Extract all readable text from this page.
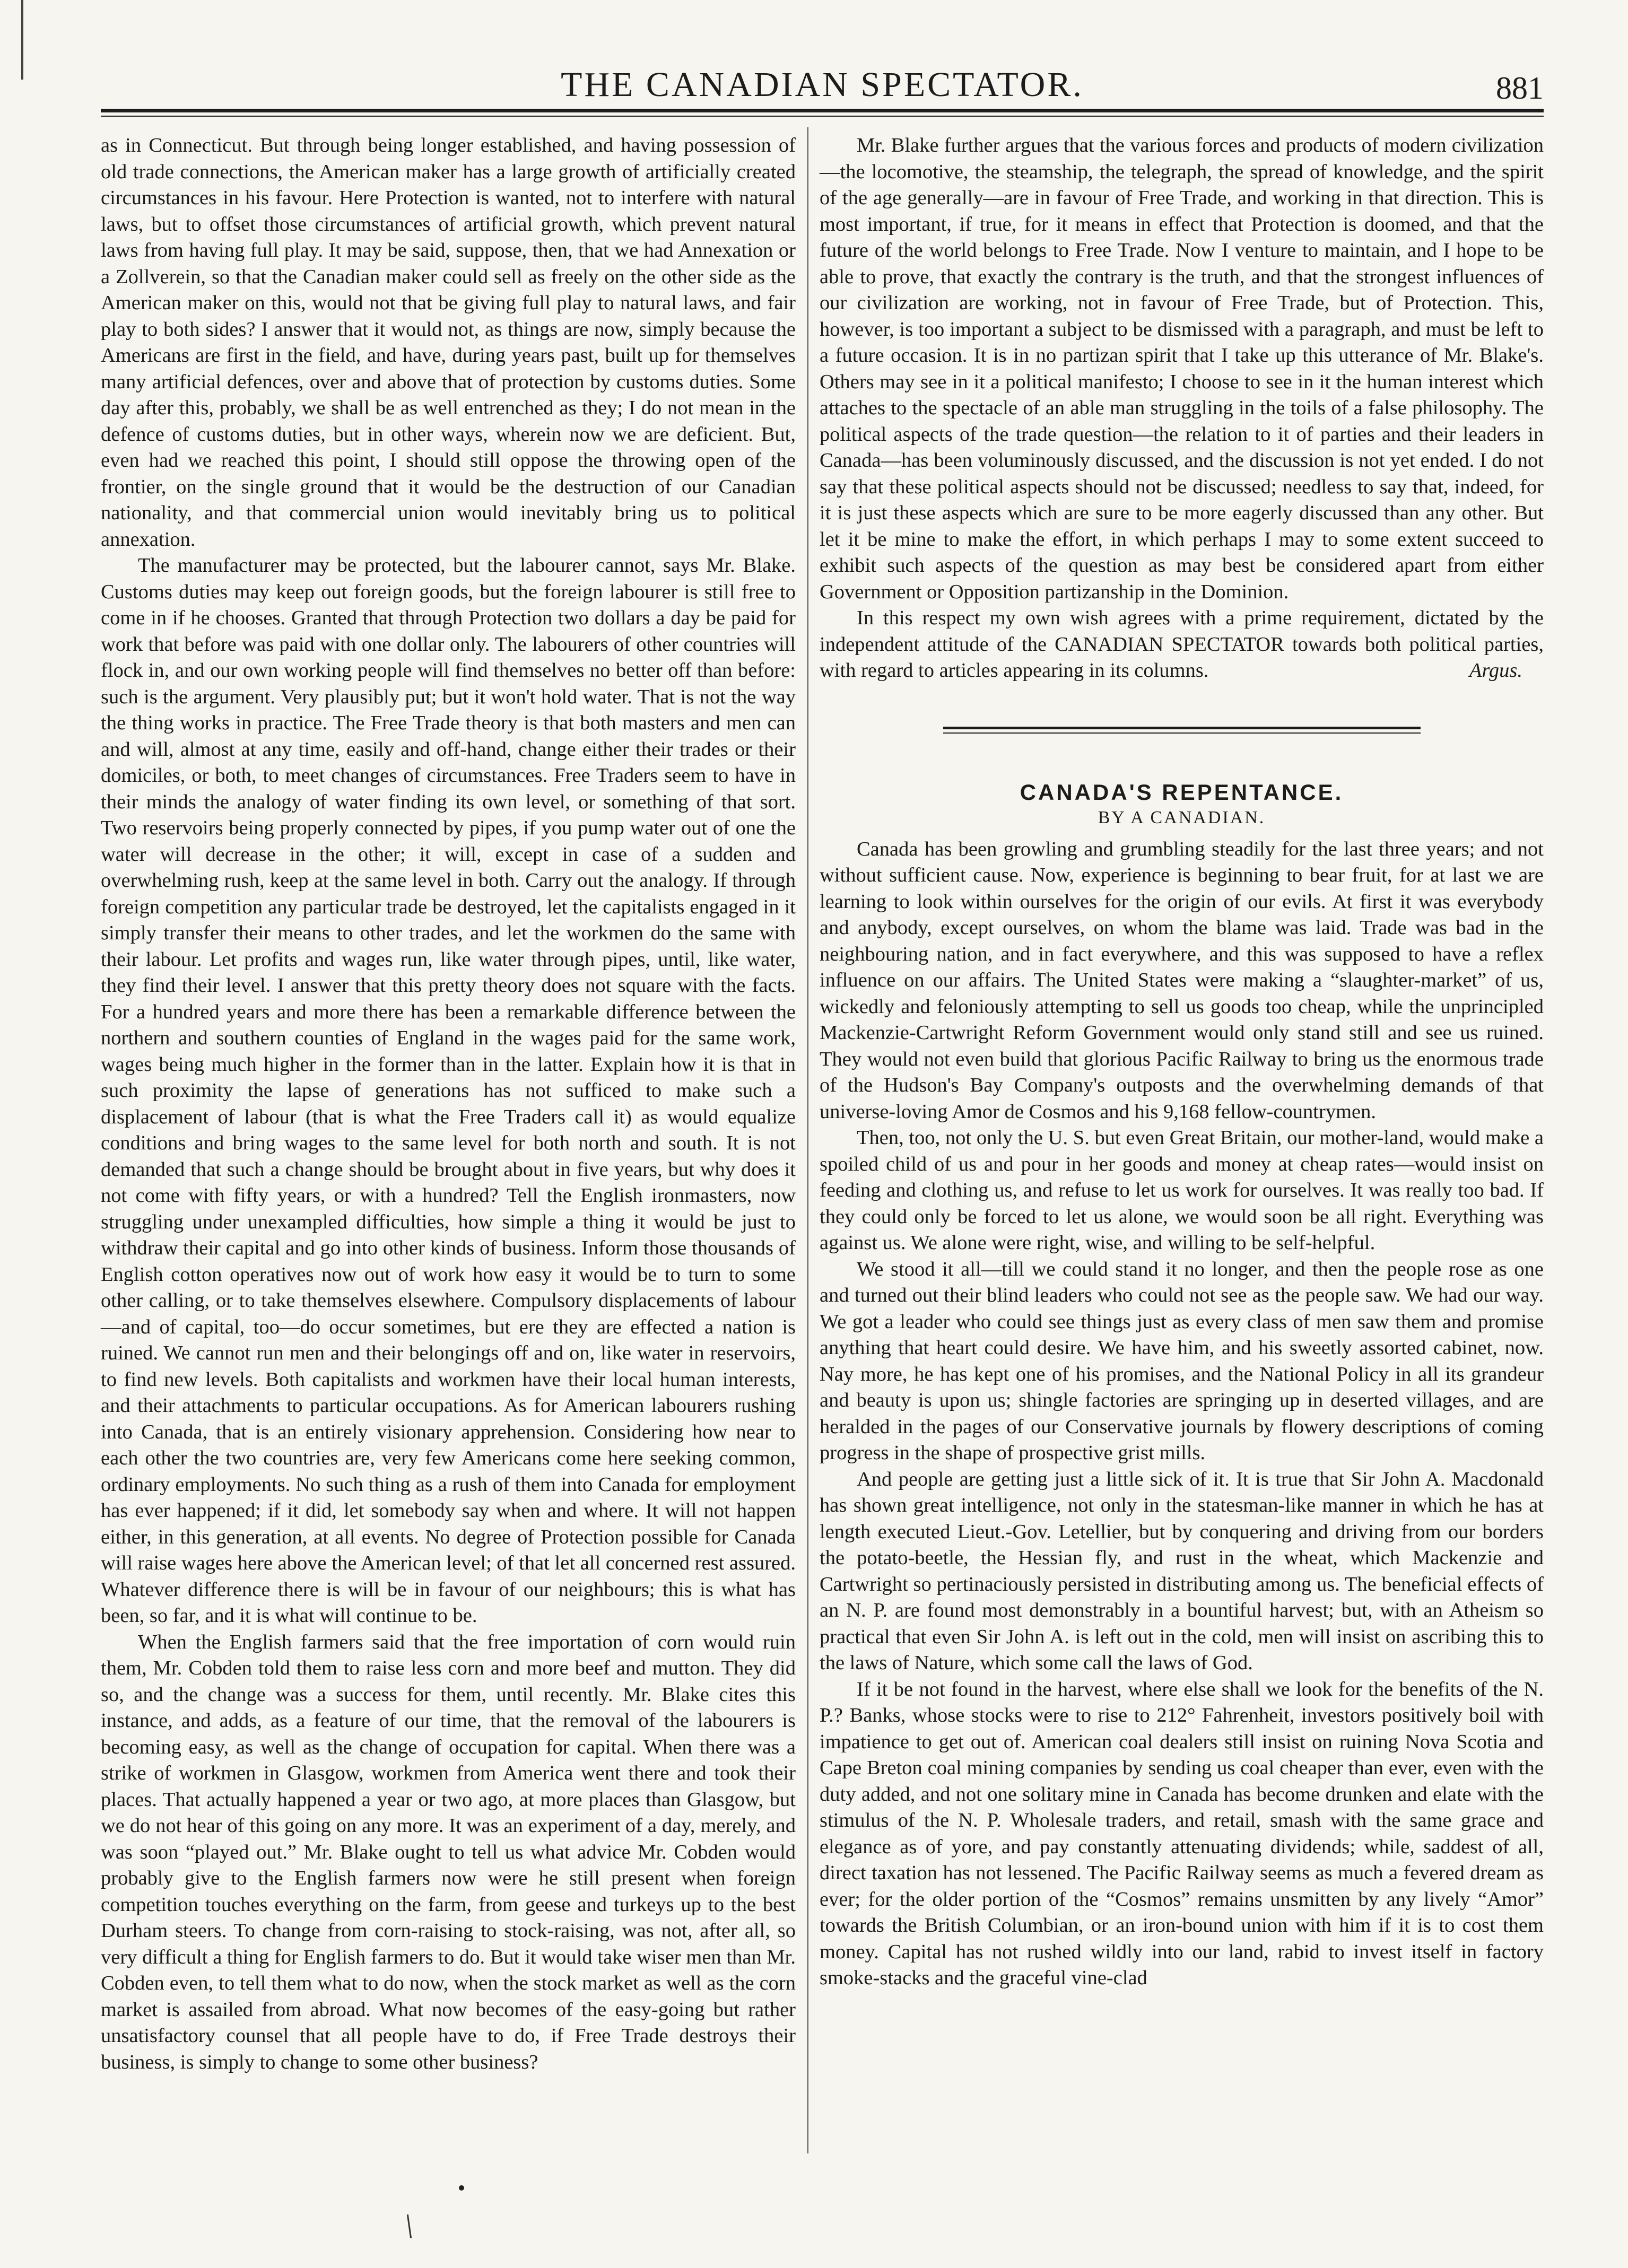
THE CANADIAN SPECTATOR.	881

as in Connecticut. But through being longer established, and having possession of old trade connections, the American maker has a large growth of artificially created circumstances in his favour. Here Protection is wanted, not to interfere with natural laws, but to offset those circumstances of artificial growth, which prevent natural laws from having full play. It may be said, suppose, then, that we had Annexation or a Zollverein, so that the Canadian maker could sell as freely on the other side as the American maker on this, would not that be giving full play to natural laws, and fair play to both sides? I answer that it would not, as things are now, simply because the Americans are first in the field, and have, during years past, built up for themselves many artificial defences, over and above that of protection by customs duties. Some day after this, probably, we shall be as well entrenched as they; I do not mean in the defence of customs duties, but in other ways, wherein now we are deficient. But, even had we reached this point, I should still oppose the throwing open of the frontier, on the single ground that it would be the destruction of our Canadian nationality, and that commercial union would inevitably bring us to political annexation.

The manufacturer may be protected, but the labourer cannot, says Mr. Blake. Customs duties may keep out foreign goods, but the foreign labourer is still free to come in if he chooses. Granted that through Protection two dollars a day be paid for work that before was paid with one dollar only. The labourers of other countries will flock in, and our own working people will find themselves no better off than before: such is the argument. Very plausibly put; but it won't hold water. That is not the way the thing works in practice. The Free Trade theory is that both masters and men can and will, almost at any time, easily and off-hand, change either their trades or their domiciles, or both, to meet changes of circumstances. Free Traders seem to have in their minds the analogy of water finding its own level, or something of that sort. Two reservoirs being properly connected by pipes, if you pump water out of one the water will decrease in the other; it will, except in case of a sudden and overwhelming rush, keep at the same level in both. Carry out the analogy. If through foreign competition any particular trade be destroyed, let the capitalists engaged in it simply transfer their means to other trades, and let the workmen do the same with their labour. Let profits and wages run, like water through pipes, until, like water, they find their level. I answer that this pretty theory does not square with the facts. For a hundred years and more there has been a remarkable difference between the northern and southern counties of England in the wages paid for the same work, wages being much higher in the former than in the latter. Explain how it is that in such proximity the lapse of generations has not sufficed to make such a displacement of labour (that is what the Free Traders call it) as would equalize conditions and bring wages to the same level for both north and south. It is not demanded that such a change should be brought about in five years, but why does it not come with fifty years, or with a hundred? Tell the English ironmasters, now struggling under unexampled difficulties, how simple a thing it would be just to withdraw their capital and go into other kinds of business. Inform those thousands of English cotton operatives now out of work how easy it would be to turn to some other calling, or to take themselves elsewhere. Compulsory displacements of labour—and of capital, too—do occur sometimes, but ere they are effected a nation is ruined. We cannot run men and their belongings off and on, like water in reservoirs, to find new levels. Both capitalists and workmen have their local human interests, and their attachments to particular occupations. As for American labourers rushing into Canada, that is an entirely visionary apprehension. Considering how near to each other the two countries are, very few Americans come here seeking common, ordinary employments. No such thing as a rush of them into Canada for employment has ever happened; if it did, let somebody say when and where. It will not happen either, in this generation, at all events. No degree of Protection possible for Canada will raise wages here above the American level; of that let all concerned rest assured. Whatever difference there is will be in favour of our neighbours; this is what has been, so far, and it is what will continue to be.

When the English farmers said that the free importation of corn would ruin them, Mr. Cobden told them to raise less corn and more beef and mutton. They did so, and the change was a success for them, until recently. Mr. Blake cites this instance, and adds, as a feature of our time, that the removal of the labourers is becoming easy, as well as the change of occupation for capital. When there was a strike of workmen in Glasgow, workmen from America went there and took their places. That actually happened a year or two ago, at more places than Glasgow, but we do not hear of this going on any more. It was an experiment of a day, merely, and was soon “played out.” Mr. Blake ought to tell us what advice Mr. Cobden would probably give to the English farmers now were he still present when foreign competition touches everything on the farm, from geese and turkeys up to the best Durham steers. To change from corn-raising to stock-raising, was not, after all, so very difficult a thing for English farmers to do. But it would take wiser men than Mr. Cobden even, to tell them what to do now, when the stock market as well as the corn market is assailed from abroad. What now becomes of the easy-going but rather unsatisfactory counsel that all people have to do, if Free Trade destroys their business, is simply to change to some other business?

Mr. Blake further argues that the various forces and products of modern civilization—the locomotive, the steamship, the telegraph, the spread of knowledge, and the spirit of the age generally—are in favour of Free Trade, and working in that direction. This is most important, if true, for it means in effect that Protection is doomed, and that the future of the world belongs to Free Trade. Now I venture to maintain, and I hope to be able to prove, that exactly the contrary is the truth, and that the strongest influences of our civilization are working, not in favour of Free Trade, but of Protection. This, however, is too important a subject to be dismissed with a paragraph, and must be left to a future occasion. It is in no partizan spirit that I take up this utterance of Mr. Blake's. Others may see in it a political manifesto; I choose to see in it the human interest which attaches to the spectacle of an able man struggling in the toils of a false philosophy. The political aspects of the trade question—the relation to it of parties and their leaders in Canada—has been voluminously discussed, and the discussion is not yet ended. I do not say that these political aspects should not be discussed; needless to say that, indeed, for it is just these aspects which are sure to be more eagerly discussed than any other. But let it be mine to make the effort, in which perhaps I may to some extent succeed to exhibit such aspects of the question as may best be considered apart from either Government or Opposition partizanship in the Dominion.

In this respect my own wish agrees with a prime requirement, dictated by the independent attitude of the CANADIAN SPECTATOR towards both political parties, with regard to articles appearing in its columns.	Argus.

CANADA'S REPENTANCE.
BY A CANADIAN.

Canada has been growling and grumbling steadily for the last three years; and not without sufficient cause. Now, experience is beginning to bear fruit, for at last we are learning to look within ourselves for the origin of our evils. At first it was everybody and anybody, except ourselves, on whom the blame was laid. Trade was bad in the neighbouring nation, and in fact everywhere, and this was supposed to have a reflex influence on our affairs. The United States were making a “slaughter-market” of us, wickedly and feloniously attempting to sell us goods too cheap, while the unprincipled Mackenzie-Cartwright Reform Government would only stand still and see us ruined. They would not even build that glorious Pacific Railway to bring us the enormous trade of the Hudson's Bay Company's outposts and the overwhelming demands of that universe-loving Amor de Cosmos and his 9,168 fellow-countrymen.

Then, too, not only the U. S. but even Great Britain, our mother-land, would make a spoiled child of us and pour in her goods and money at cheap rates—would insist on feeding and clothing us, and refuse to let us work for ourselves. It was really too bad. If they could only be forced to let us alone, we would soon be all right. Everything was against us. We alone were right, wise, and willing to be self-helpful.

We stood it all—till we could stand it no longer, and then the people rose as one and turned out their blind leaders who could not see as the people saw. We had our way. We got a leader who could see things just as every class of men saw them and promise anything that heart could desire. We have him, and his sweetly assorted cabinet, now. Nay more, he has kept one of his promises, and the National Policy in all its grandeur and beauty is upon us; shingle factories are springing up in deserted villages, and are heralded in the pages of our Conservative journals by flowery descriptions of coming progress in the shape of prospective grist mills.

And people are getting just a little sick of it. It is true that Sir John A. Macdonald has shown great intelligence, not only in the statesman-like manner in which he has at length executed Lieut.-Gov. Letellier, but by conquering and driving from our borders the potato-beetle, the Hessian fly, and rust in the wheat, which Mackenzie and Cartwright so pertinaciously persisted in distributing among us. The beneficial effects of an N. P. are found most demonstrably in a bountiful harvest; but, with an Atheism so practical that even Sir John A. is left out in the cold, men will insist on ascribing this to the laws of Nature, which some call the laws of God.

If it be not found in the harvest, where else shall we look for the benefits of the N. P.? Banks, whose stocks were to rise to 212° Fahrenheit, investors positively boil with impatience to get out of. American coal dealers still insist on ruining Nova Scotia and Cape Breton coal mining companies by sending us coal cheaper than ever, even with the duty added, and not one solitary mine in Canada has become drunken and elate with the stimulus of the N. P. Wholesale traders, and retail, smash with the same grace and elegance as of yore, and pay constantly attenuating dividends; while, saddest of all, direct taxation has not lessened. The Pacific Railway seems as much a fevered dream as ever; for the older portion of the “Cosmos” remains unsmitten by any lively “Amor” towards the British Columbian, or an iron-bound union with him if it is to cost them money. Capital has not rushed wildly into our land, rabid to invest itself in factory smoke-stacks and the graceful vine-clad
